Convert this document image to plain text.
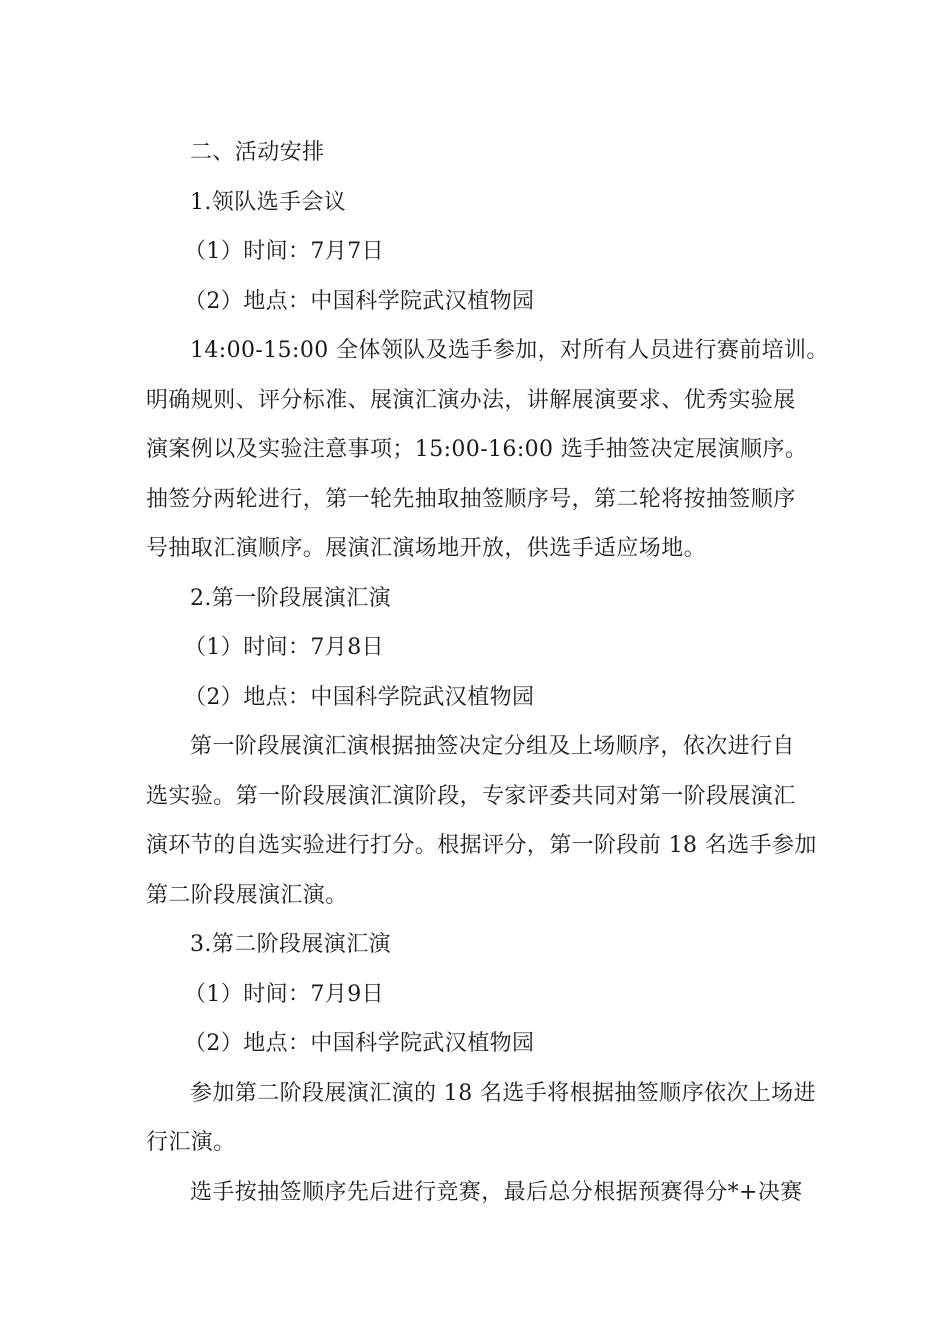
二、活动安排
1.领队选手会议
（1）时间：7月7日
（2）地点：中国科学院武汉植物园
14:00-15:00 全体领队及选手参加，对所有人员进行赛前培训。
明确规则、评分标准、展演汇演办法，讲解展演要求、优秀实验展
演案例以及实验注意事项；15:00-16:00 选手抽签决定展演顺序。
抽签分两轮进行，第一轮先抽取抽签顺序号，第二轮将按抽签顺序
号抽取汇演顺序。展演汇演场地开放，供选手适应场地。
2.第一阶段展演汇演
（1）时间：7月8日
（2）地点：中国科学院武汉植物园
第一阶段展演汇演根据抽签决定分组及上场顺序，依次进行自
选实验。第一阶段展演汇演阶段，专家评委共同对第一阶段展演汇
演环节的自选实验进行打分。根据评分，第一阶段前 18 名选手参加
第二阶段展演汇演。
3.第二阶段展演汇演
（1）时间：7月9日
（2）地点：中国科学院武汉植物园
参加第二阶段展演汇演的 18 名选手将根据抽签顺序依次上场进
行汇演。
选手按抽签顺序先后进行竞赛，最后总分根据预赛得分*+决赛
